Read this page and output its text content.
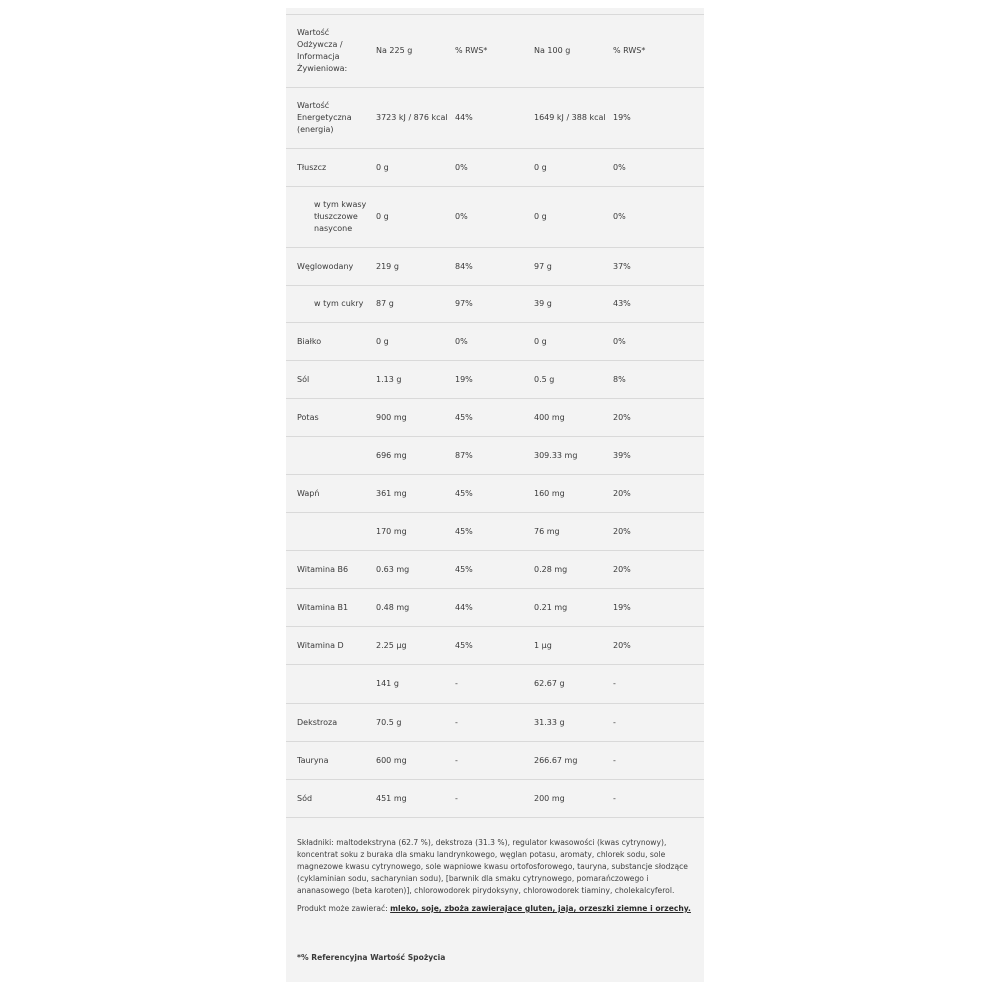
Wartość Odżywcza / Informacja Żywieniowa:	Na 225 g	% RWS*	Na 100 g	% RWS*
Wartość Energetyczna (energia)	3723 kJ / 876 kcal	44%	1649 kJ / 388 kcal	19%
Tłuszcz	0 g	0%	0 g	0%
w tym kwasy tłuszczowe nasycone	0 g	0%	0 g	0%
Węglowodany	219 g	84%	97 g	37%
w tym cukry	87 g	97%	39 g	43%
Białko	0 g	0%	0 g	0%
Sól	1.13 g	19%	0.5 g	8%
Potas	900 mg	45%	400 mg	20%
	696 mg	87%	309.33 mg	39%
Wapń	361 mg	45%	160 mg	20%
	170 mg	45%	76 mg	20%
Witamina B6	0.63 mg	45%	0.28 mg	20%
Witamina B1	0.48 mg	44%	0.21 mg	19%
Witamina D	2.25 µg	45%	1 µg	20%
	141 g	-	62.67 g	-
Dekstroza	70.5 g	-	31.33 g	-
Tauryna	600 mg	-	266.67 mg	-
Sód	451 mg	-	200 mg	-
Składniki: maltodekstryna (62.7 %), dekstroza (31.3 %), regulator kwasowości (kwas cytrynowy), koncentrat soku z buraka dla smaku landrynkowego, węglan potasu, aromaty, chlorek sodu, sole magnezowe kwasu cytrynowego, sole wapniowe kwasu ortofosforowego, tauryna, substancje słodzące (cyklaminian sodu, sacharynian sodu), [barwnik dla smaku cytrynowego, pomarańczowego i ananasowego (beta karoten)], chlorowodorek pirydoksyny, chlorowodorek tiaminy, cholekalcyferol.
Produkt może zawierać: mleko, soję, zboża zawierające gluten, jaja, orzeszki ziemne i orzechy.
*% Referencyjna Wartość Spożycia
